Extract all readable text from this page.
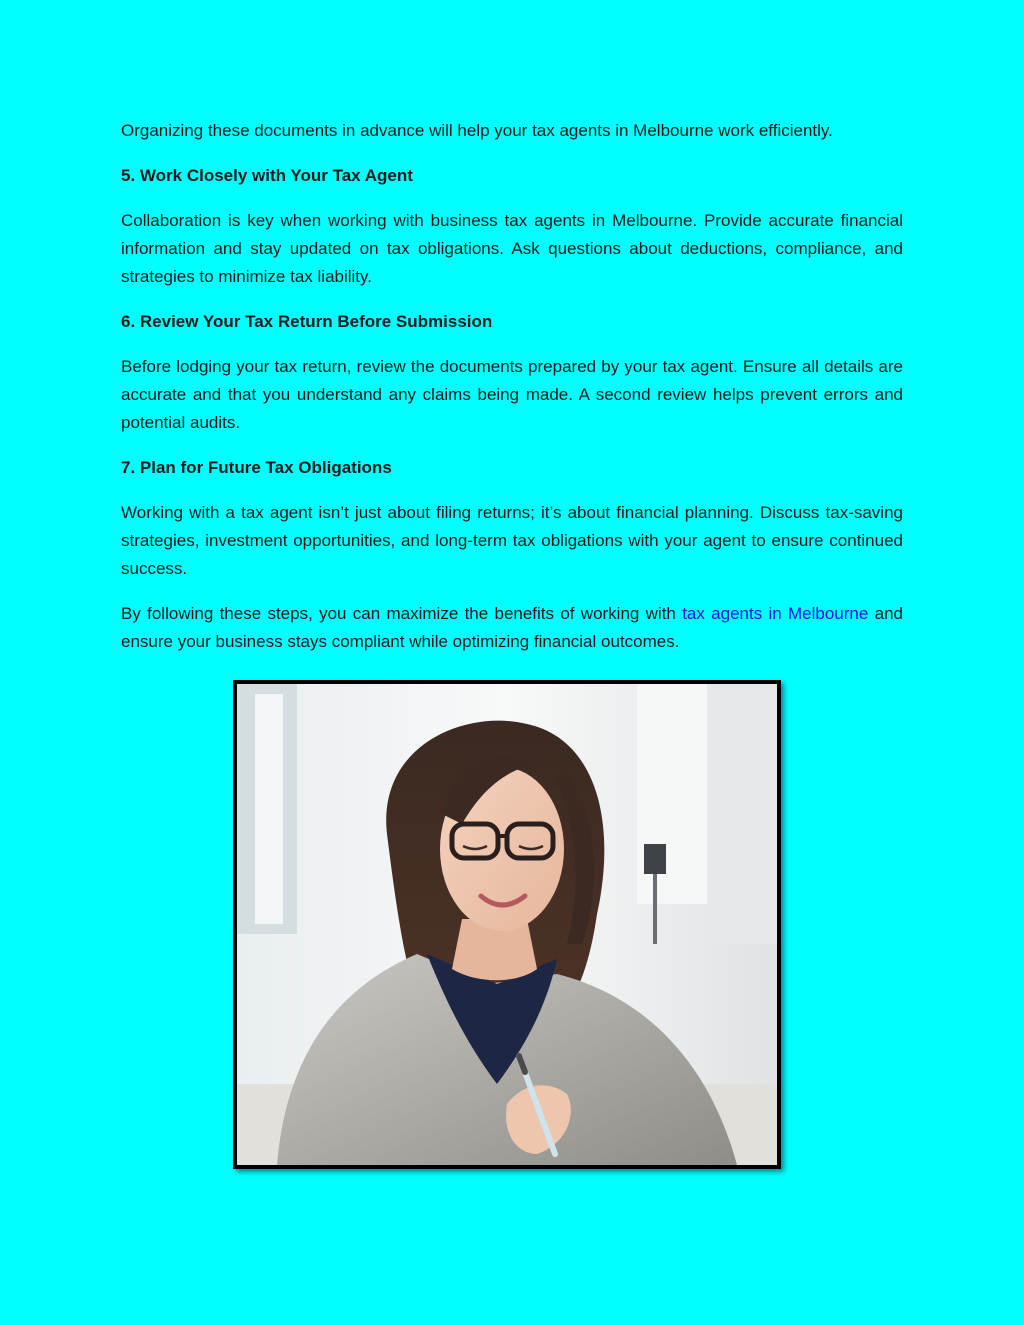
Organizing these documents in advance will help your tax agents in Melbourne work efficiently.

5. Work Closely with Your Tax Agent

Collaboration is key when working with business tax agents in Melbourne. Provide accurate financial information and stay updated on tax obligations. Ask questions about deductions, compliance, and strategies to minimize tax liability.

6. Review Your Tax Return Before Submission

Before lodging your tax return, review the documents prepared by your tax agent. Ensure all details are accurate and that you understand any claims being made. A second review helps prevent errors and potential audits.

7. Plan for Future Tax Obligations

Working with a tax agent isn’t just about filing returns; it’s about financial planning. Discuss tax-saving strategies, investment opportunities, and long-term tax obligations with your agent to ensure continued success.

By following these steps, you can maximize the benefits of working with tax agents in Melbourne and ensure your business stays compliant while optimizing financial outcomes.
